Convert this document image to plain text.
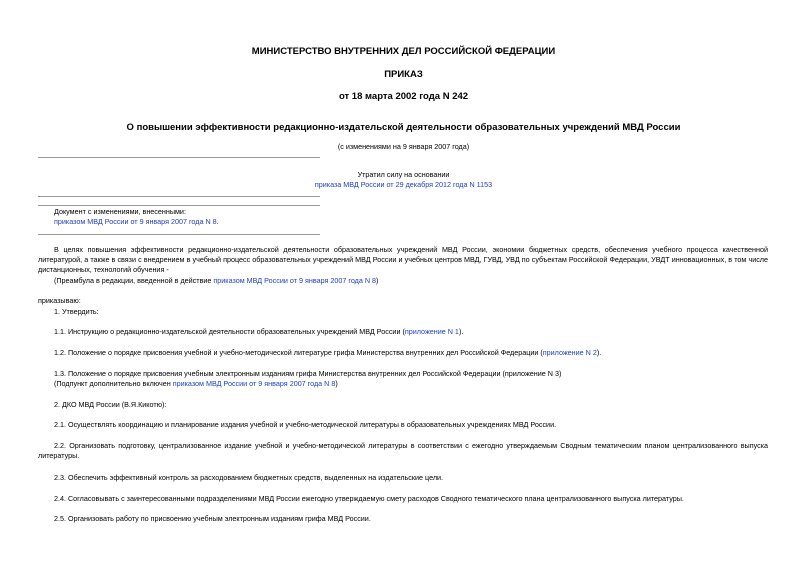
МИНИСТЕРСТВО ВНУТРЕННИХ ДЕЛ РОССИЙСКОЙ ФЕДЕРАЦИИ
ПРИКАЗ
от 18 марта 2002 года N 242
О повышении эффективности редакционно-издательской деятельности образовательных учреждений МВД России
(с изменениями на 9 января 2007 года)
Утратил силу на основании
приказа МВД России от 29 декабря 2012 года N 1153
Документ с изменениями, внесенными:
приказом МВД России от 9 января 2007 года N 8.
В целях повышения эффективности редакционно-издательской деятельности образовательных учреждений МВД России, экономии бюджетных средств, обеспечения учебного процесса качественной литературой, а также в связи с внедрением в учебный процесс образовательных учреждений МВД России и учебных центров МВД, ГУВД, УВД по субъектам Российской Федерации, УВДТ инновационных, в том числе дистанционных, технологий обучения -
(Преамбула в редакции, введенной в действие приказом МВД России от 9 января 2007 года N 8)
приказываю:
1. Утвердить:
1.1. Инструкцию о редакционно-издательской деятельности образовательных учреждений МВД России (приложение N 1).
1.2. Положение о порядке присвоения учебной и учебно-методической литературе грифа Министерства внутренних дел Российской Федерации (приложение N 2).
1.3. Положение о порядке присвоения учебным электронным изданиям грифа Министерства внутренних дел Российской Федерации (приложение N 3)
(Подпункт дополнительно включен приказом МВД России от 9 января 2007 года N 8)
2. ДКО МВД России (В.Я.Кикотю):
2.1. Осуществлять координацию и планирование издания учебной и учебно-методической литературы в образовательных учреждениях МВД России.
2.2. Организовать подготовку, централизованное издание учебной и учебно-методической литературы в соответствии с ежегодно утверждаемым Сводным тематическим планом централизованного выпуска литературы.
2.3. Обеспечить эффективный контроль за расходованием бюджетных средств, выделенных на издательские цели.
2.4. Согласовывать с заинтересованными подразделениями МВД России ежегодно утверждаемую смету расходов Сводного тематического плана централизованного выпуска литературы.
2.5. Организовать работу по присвоению учебным электронным изданиям грифа МВД России.
